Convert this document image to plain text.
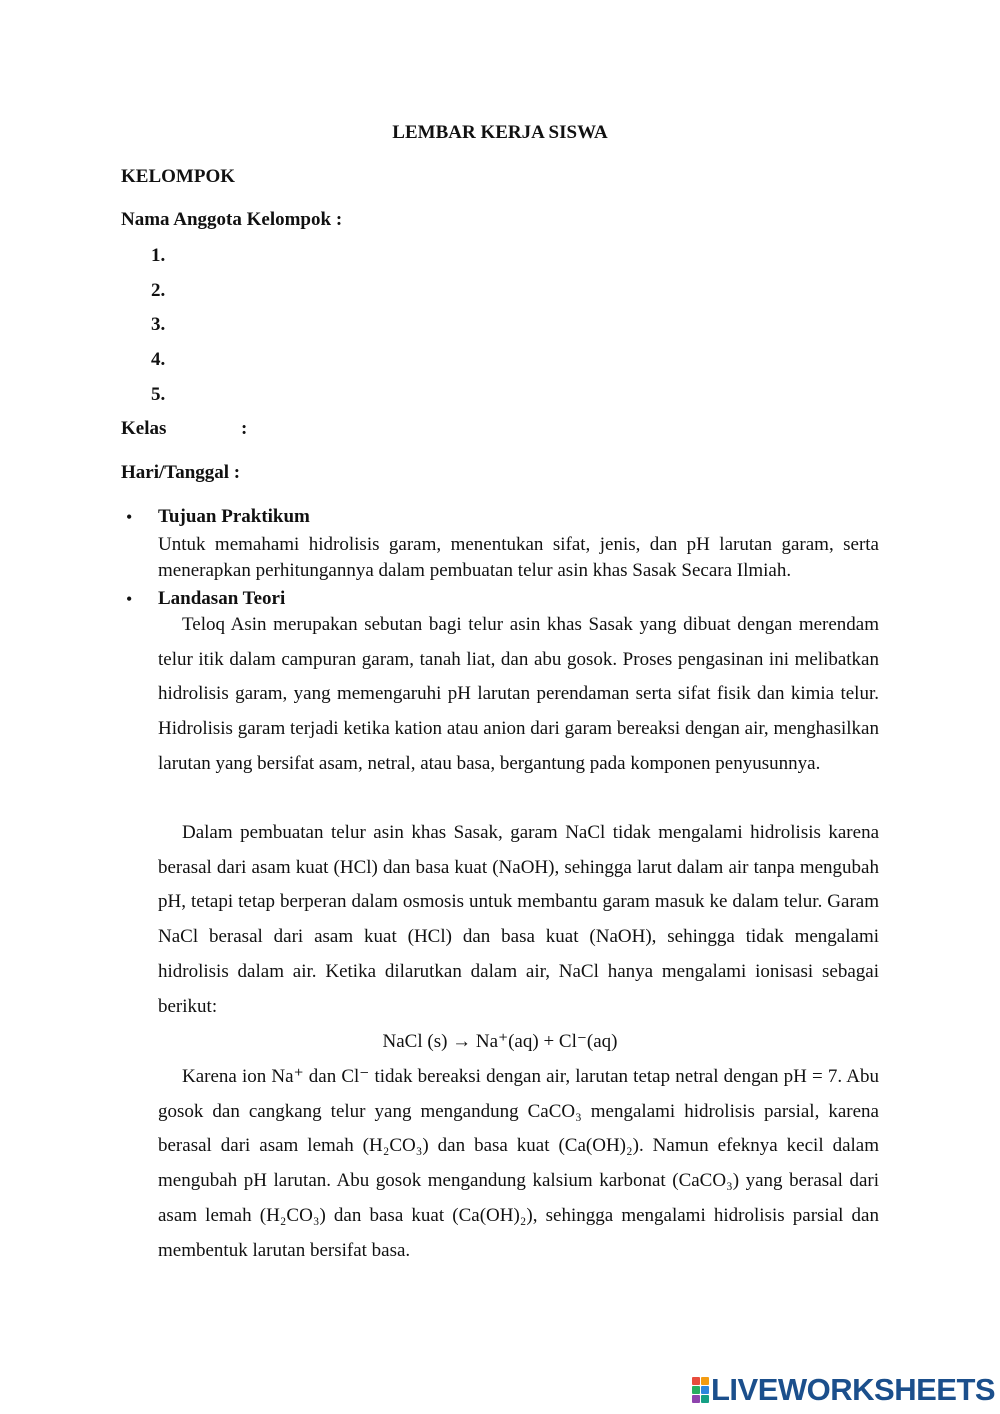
LEMBAR KERJA SISWA
KELOMPOK
Nama Anggota Kelompok :
1.
2.
3.
4.
5.
Kelas	:
Hari/Tanggal :
• Tujuan Praktikum

Untuk memahami hidrolisis garam, menentukan sifat, jenis, dan pH larutan garam, serta menerapkan perhitungannya dalam pembuatan telur asin khas Sasak Secara Ilmiah.

• Landasan Teori

Teloq Asin merupakan sebutan bagi telur asin khas Sasak yang dibuat dengan merendam telur itik dalam campuran garam, tanah liat, dan abu gosok. Proses pengasinan ini melibatkan hidrolisis garam, yang memengaruhi pH larutan perendaman serta sifat fisik dan kimia telur. Hidrolisis garam terjadi ketika kation atau anion dari garam bereaksi dengan air, menghasilkan larutan yang bersifat asam, netral, atau basa, bergantung pada komponen penyusunnya.

Dalam pembuatan telur asin khas Sasak, garam NaCl tidak mengalami hidrolisis karena berasal dari asam kuat (HCl) dan basa kuat (NaOH), sehingga larut dalam air tanpa mengubah pH, tetapi tetap berperan dalam osmosis untuk membantu garam masuk ke dalam telur. Garam NaCl berasal dari asam kuat (HCl) dan basa kuat (NaOH), sehingga tidak mengalami hidrolisis dalam air. Ketika dilarutkan dalam air, NaCl hanya mengalami ionisasi sebagai berikut:

NaCl (s) → Na⁺(aq) + Cl⁻(aq)

Karena ion Na⁺ dan Cl⁻ tidak bereaksi dengan air, larutan tetap netral dengan pH = 7. Abu gosok dan cangkang telur yang mengandung CaCO₃ mengalami hidrolisis parsial, karena berasal dari asam lemah (H₂CO₃) dan basa kuat (Ca(OH)₂). Namun efeknya kecil dalam mengubah pH larutan. Abu gosok mengandung kalsium karbonat (CaCO₃) yang berasal dari asam lemah (H₂CO₃) dan basa kuat (Ca(OH)₂), sehingga mengalami hidrolisis parsial dan membentuk larutan bersifat basa.

LIVEWORKSHEETS
